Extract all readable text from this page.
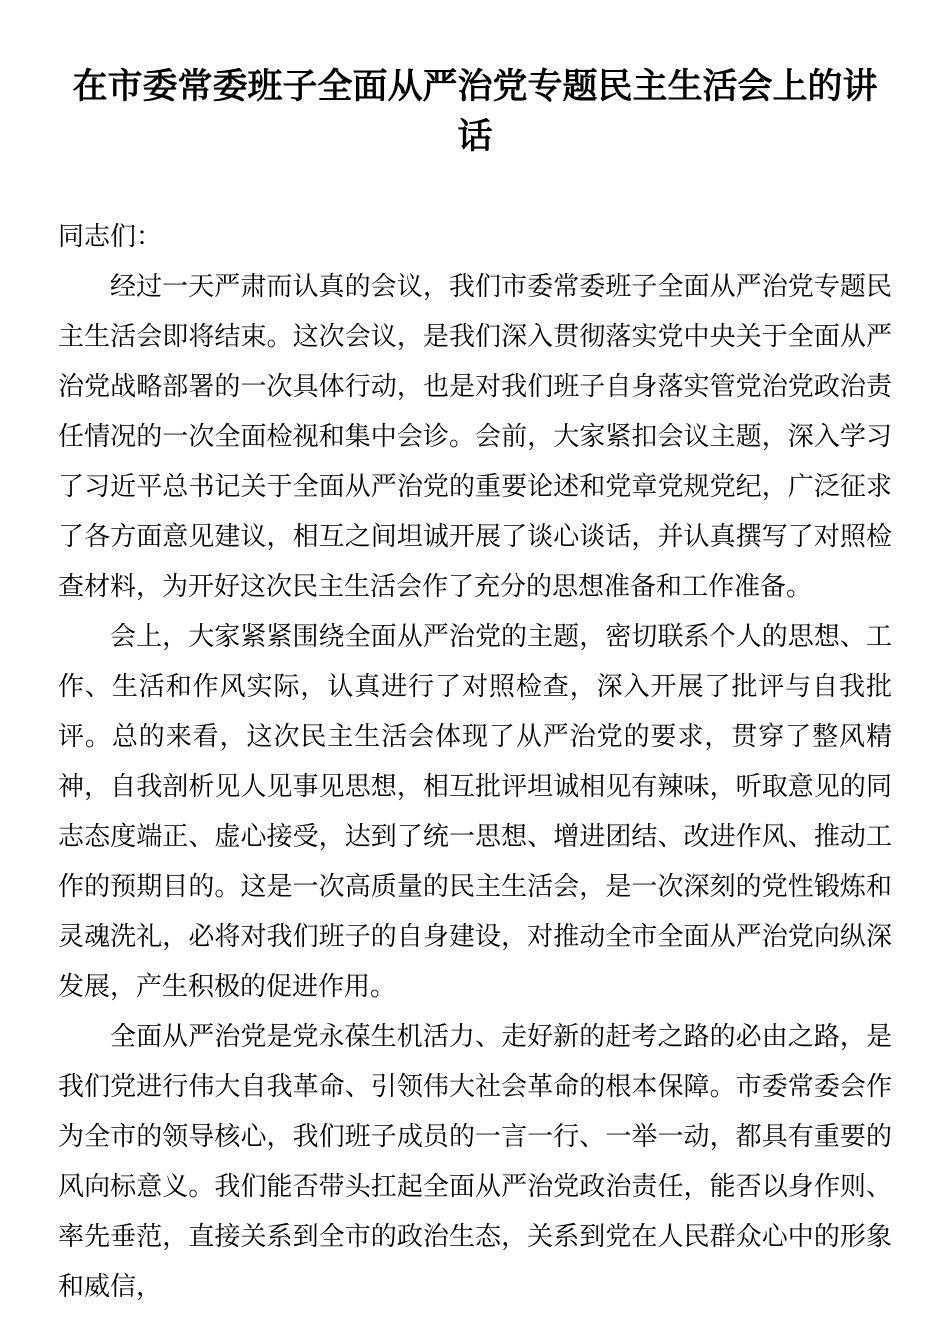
在市委常委班子全面从严治党专题民主生活会上的讲话

同志们：

经过一天严肃而认真的会议，我们市委常委班子全面从严治党专题民主生活会即将结束。这次会议，是我们深入贯彻落实党中央关于全面从严治党战略部署的一次具体行动，也是对我们班子自身落实管党治党政治责任情况的一次全面检视和集中会诊。会前，大家紧扣会议主题，深入学习了习近平总书记关于全面从严治党的重要论述和党章党规党纪，广泛征求了各方面意见建议，相互之间坦诚开展了谈心谈话，并认真撰写了对照检查材料，为开好这次民主生活会作了充分的思想准备和工作准备。

会上，大家紧紧围绕全面从严治党的主题，密切联系个人的思想、工作、生活和作风实际，认真进行了对照检查，深入开展了批评与自我批评。总的来看，这次民主生活会体现了从严治党的要求，贯穿了整风精神，自我剖析见人见事见思想，相互批评坦诚相见有辣味，听取意见的同志态度端正、虚心接受，达到了统一思想、增进团结、改进作风、推动工作的预期目的。这是一次高质量的民主生活会，是一次深刻的党性锻炼和灵魂洗礼，必将对我们班子的自身建设，对推动全市全面从严治党向纵深发展，产生积极的促进作用。

全面从严治党是党永葆生机活力、走好新的赶考之路的必由之路，是我们党进行伟大自我革命、引领伟大社会革命的根本保障。市委常委会作为全市的领导核心，我们班子成员的一言一行、一举一动，都具有重要的风向标意义。我们能否带头扛起全面从严治党政治责任，能否以身作则、率先垂范，直接关系到全市的政治生态，关系到党在人民群众心中的形象和威信，
